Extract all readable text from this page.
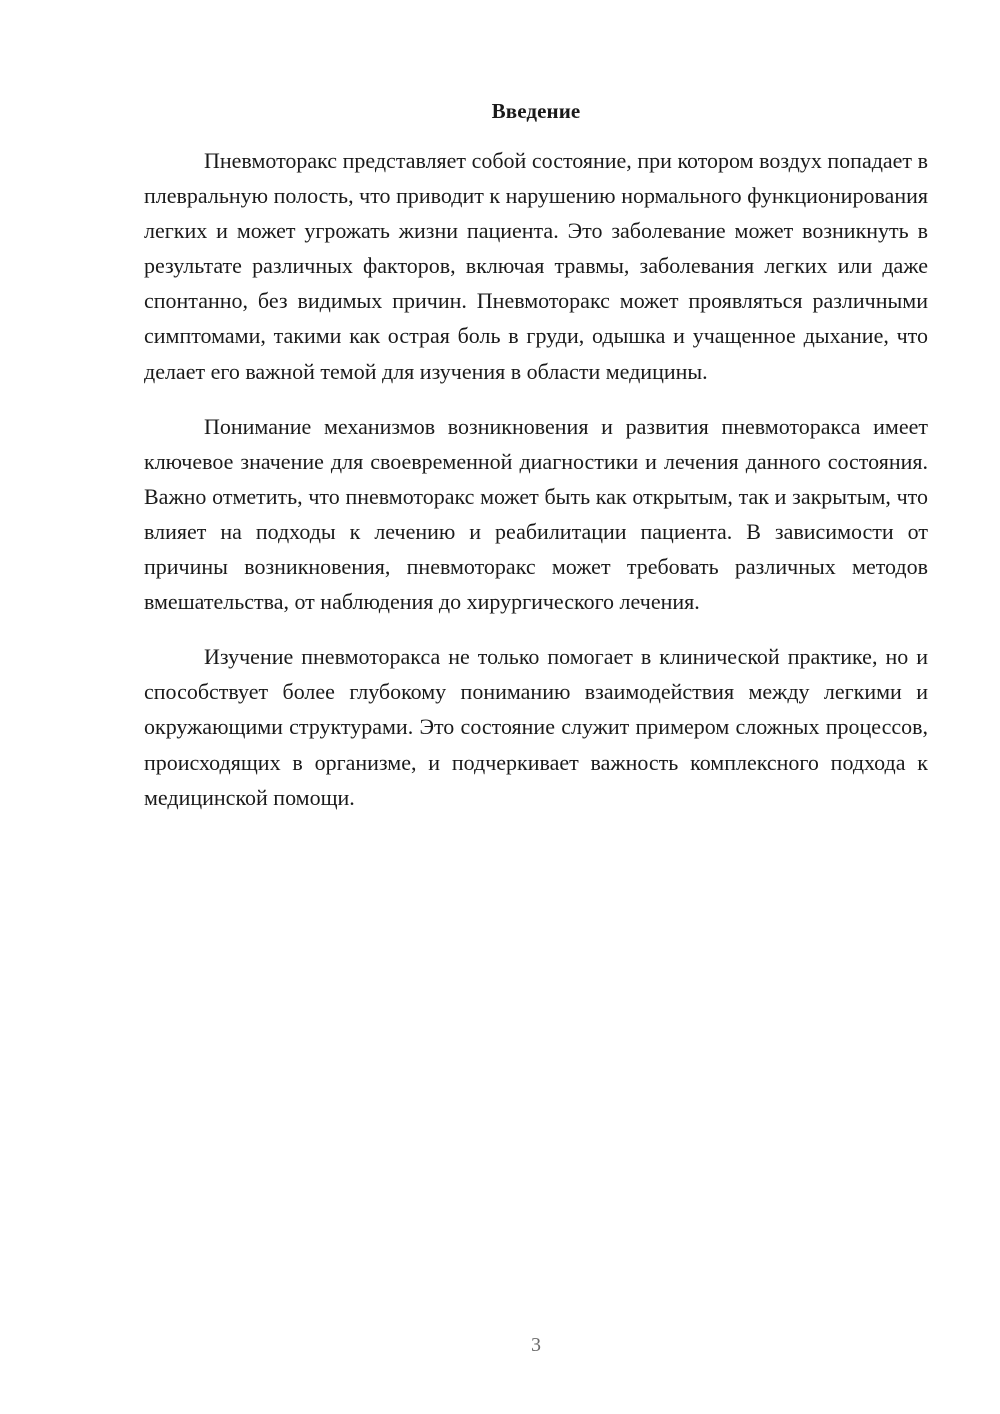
Введение

Пневмоторакс представляет собой состояние, при котором воздух попадает в плевральную полость, что приводит к нарушению нормального функционирования легких и может угрожать жизни пациента. Это заболевание может возникнуть в результате различных факторов, включая травмы, заболевания легких или даже спонтанно, без видимых причин. Пневмоторакс может проявляться различными симптомами, такими как острая боль в груди, одышка и учащенное дыхание, что делает его важной темой для изучения в области медицины.

Понимание механизмов возникновения и развития пневмоторакса имеет ключевое значение для своевременной диагностики и лечения данного состояния. Важно отметить, что пневмоторакс может быть как открытым, так и закрытым, что влияет на подходы к лечению и реабилитации пациента. В зависимости от причины возникновения, пневмоторакс может требовать различных методов вмешательства, от наблюдения до хирургического лечения.

Изучение пневмоторакса не только помогает в клинической практике, но и способствует более глубокому пониманию взаимодействия между легкими и окружающими структурами. Это состояние служит примером сложных процессов, происходящих в организме, и подчеркивает важность комплексного подхода к медицинской помощи.

3
